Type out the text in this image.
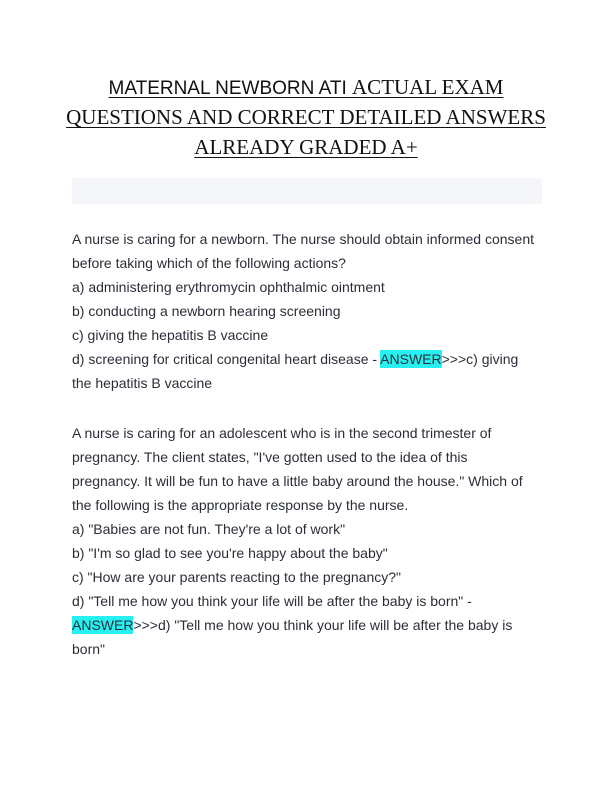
MATERNAL NEWBORN ATI ACTUAL EXAM
QUESTIONS AND CORRECT DETAILED ANSWERS
ALREADY GRADED A+
A nurse is caring for a newborn. The nurse should obtain informed consent
before taking which of the following actions?
a) administering erythromycin ophthalmic ointment
b) conducting a newborn hearing screening
c) giving the hepatitis B vaccine
d) screening for critical congenital heart disease - ANSWER>>>c) giving
the hepatitis B vaccine
A nurse is caring for an adolescent who is in the second trimester of
pregnancy. The client states, "I've gotten used to the idea of this
pregnancy. It will be fun to have a little baby around the house." Which of
the following is the appropriate response by the nurse.
a) "Babies are not fun. They're a lot of work"
b) "I'm so glad to see you're happy about the baby"
c) "How are your parents reacting to the pregnancy?"
d) "Tell me how you think your life will be after the baby is born" -
ANSWER>>>d) "Tell me how you think your life will be after the baby is
born"
